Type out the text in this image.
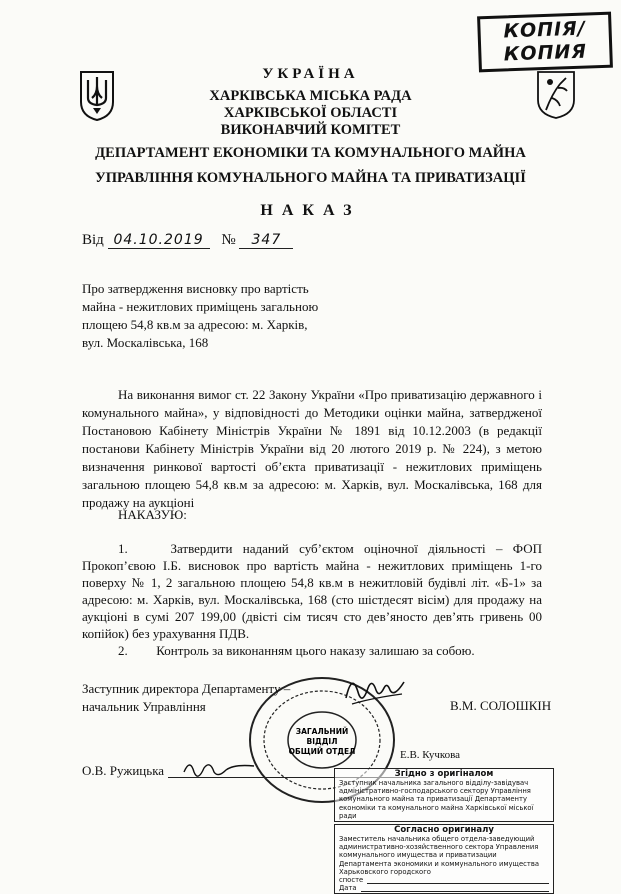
КОПІЯ/
КОПИЯ
УКРАЇНА
ХАРКІВСЬКА МІСЬКА РАДА
ХАРКІВСЬКОЇ ОБЛАСТІ
ВИКОНАВЧИЙ КОМІТЕТ
ДЕПАРТАМЕНТ ЕКОНОМІКИ ТА КОМУНАЛЬНОГО МАЙНА
УПРАВЛІННЯ КОМУНАЛЬНОГО МАЙНА ТА ПРИВАТИЗАЦІЇ
НАКАЗ
Від 04.10.2019 № 347
Про затвердження висновку про вартість
майна - нежитлових приміщень загальною
площею 54,8 кв.м за адресою: м. Харків,
вул. Москалівська, 168

На виконання вимог ст. 22 Закону України «Про приватизацію державного і комунального майна», у відповідності до Методики оцінки майна, затвердженої Постановою Кабінету Міністрів України № 1891 від 10.12.2003 (в редакції постанови Кабінету Міністрів України від 20 лютого 2019 р. № 224), з метою визначення ринкової вартості об’єкта приватизації - нежитлових приміщень загальною площею 54,8 кв.м за адресою: м. Харків, вул. Москалівська, 168 для продажу на аукціоні

НАКАЗУЮ:

1.	Затвердити наданий суб’єктом оціночної діяльності – ФОП Прокоп’євою І.Б. висновок про вартість майна - нежитлових приміщень 1-го поверху № 1, 2 загальною площею 54,8 кв.м в нежитловій будівлі літ. «Б-1» за адресою: м. Харків, вул. Москалівська, 168 (сто шістдесят вісім) для продажу на аукціоні в сумі 207 199,00 (двісті сім тисяч сто дев’яносто дев’ять гривень 00 копійок) без урахування ПДВ.

2. Контроль за виконанням цього наказу залишаю за собою.

ЗАГАЛЬНИЙ
ВІДДІЛ
ОБЩИЙ ОТДЕЛ
Заступник директора Департаменту –
начальник Управління	В.М. СОЛОШКІН
О.В. Ружицька
Е.В. Кучкова
Згідно з оригіналом
Заступник начальника загального відділу-завідувач адміністративно-господарського сектору Управління комунального майна та приватизації Департаменту економіки та комунального майна Харківської міської ради
Согласно оригиналу
Заместитель начальника общего отдела-заведующий административно-хозяйственного сектора Управления коммунального имущества и приватизации Департамента экономики и коммунального имущества Харьковского городского
спосте
Дата
